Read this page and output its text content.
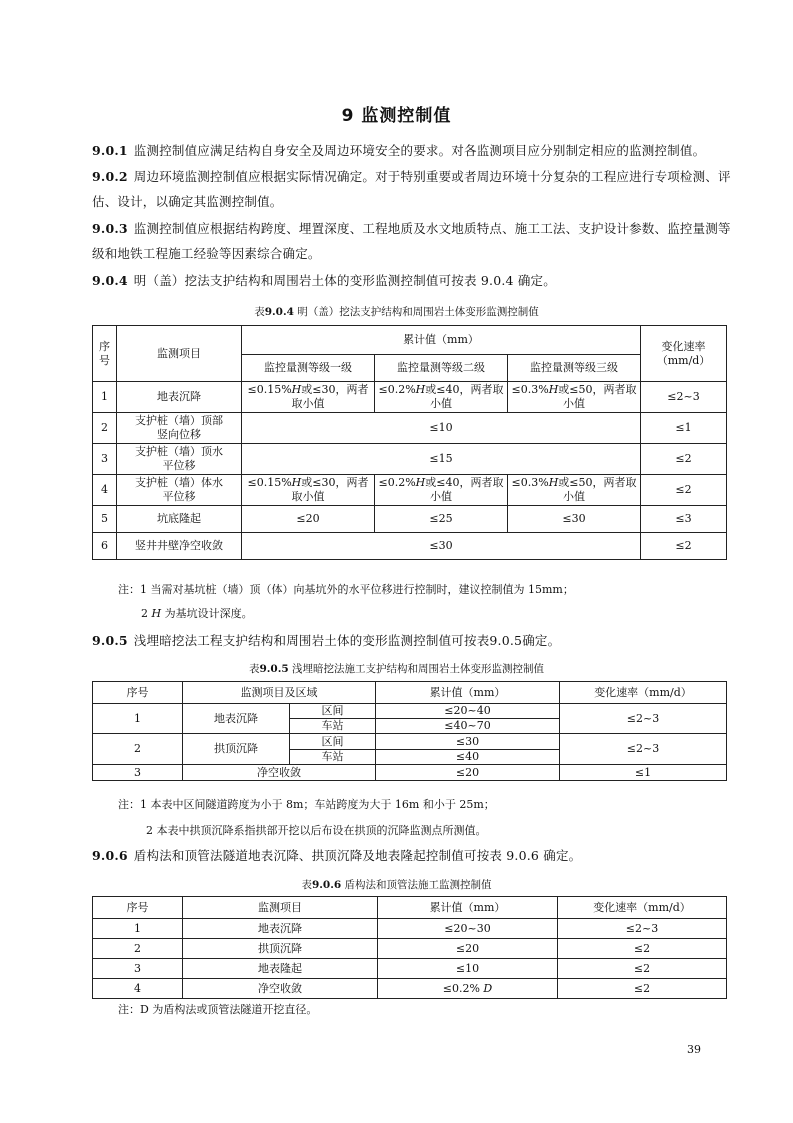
9 监测控制值
9.0.1 监测控制值应满足结构自身安全及周边环境安全的要求。对各监测项目应分别制定相应的监测控制值。
9.0.2 周边环境监测控制值应根据实际情况确定。对于特别重要或者周边环境十分复杂的工程应进行专项检测、评估、设计，以确定其监测控制值。
9.0.3 监测控制值应根据结构跨度、埋置深度、工程地质及水文地质特点、施工工法、支护设计参数、监控量测等级和地铁工程施工经验等因素综合确定。
9.0.4 明（盖）挖法支护结构和周围岩土体的变形监测控制值可按表 9.0.4 确定。
表9.0.4 明（盖）挖法支护结构和周围岩土体变形监测控制值
序号	监测项目	累计值（mm）			变化速率（mm/d）
		监控量测等级一级	监控量测等级二级	监控量测等级三级	
1	地表沉降	≤0.15%H或≤30，两者取小值	≤0.2%H或≤40，两者取小值	≤0.3%H或≤50，两者取小值	≤2~3
2	支护桩（墙）顶部竖向位移	≤10			≤1
3	支护桩（墙）顶水平位移	≤15			≤2
4	支护桩（墙）体水平位移	≤0.15%H或≤30，两者取小值	≤0.2%H或≤40，两者取小值	≤0.3%H或≤50，两者取小值	≤2
5	坑底隆起	≤20	≤25	≤30	≤3
6	竖井井壁净空收敛	≤30			≤2
注：1 当需对基坑桩（墙）顶（体）向基坑外的水平位移进行控制时，建议控制值为 15mm；
2 H 为基坑设计深度。
9.0.5 浅埋暗挖法工程支护结构和周围岩土体的变形监测控制值可按表9.0.5确定。
表9.0.5 浅埋暗挖法施工支护结构和周围岩土体变形监测控制值
序号	监测项目及区域		累计值（mm）	变化速率（mm/d）
1	地表沉降	区间	≤20~40	≤2~3
		车站	≤40~70	
2	拱顶沉降	区间	≤30	≤2~3
		车站	≤40	
3	净空收敛		≤20	≤1
注：1 本表中区间隧道跨度为小于 8m；车站跨度为大于 16m 和小于 25m；
2 本表中拱顶沉降系指拱部开挖以后布设在拱顶的沉降监测点所测值。
9.0.6 盾构法和顶管法隧道地表沉降、拱顶沉降及地表隆起控制值可按表 9.0.6 确定。
表9.0.6 盾构法和顶管法施工监测控制值
序号	监测项目	累计值（mm）	变化速率（mm/d）
1	地表沉降	≤20~30	≤2~3
2	拱顶沉降	≤20	≤2
3	地表隆起	≤10	≤2
4	净空收敛	≤0.2% D	≤2
注：D 为盾构法或顶管法隧道开挖直径。
39
